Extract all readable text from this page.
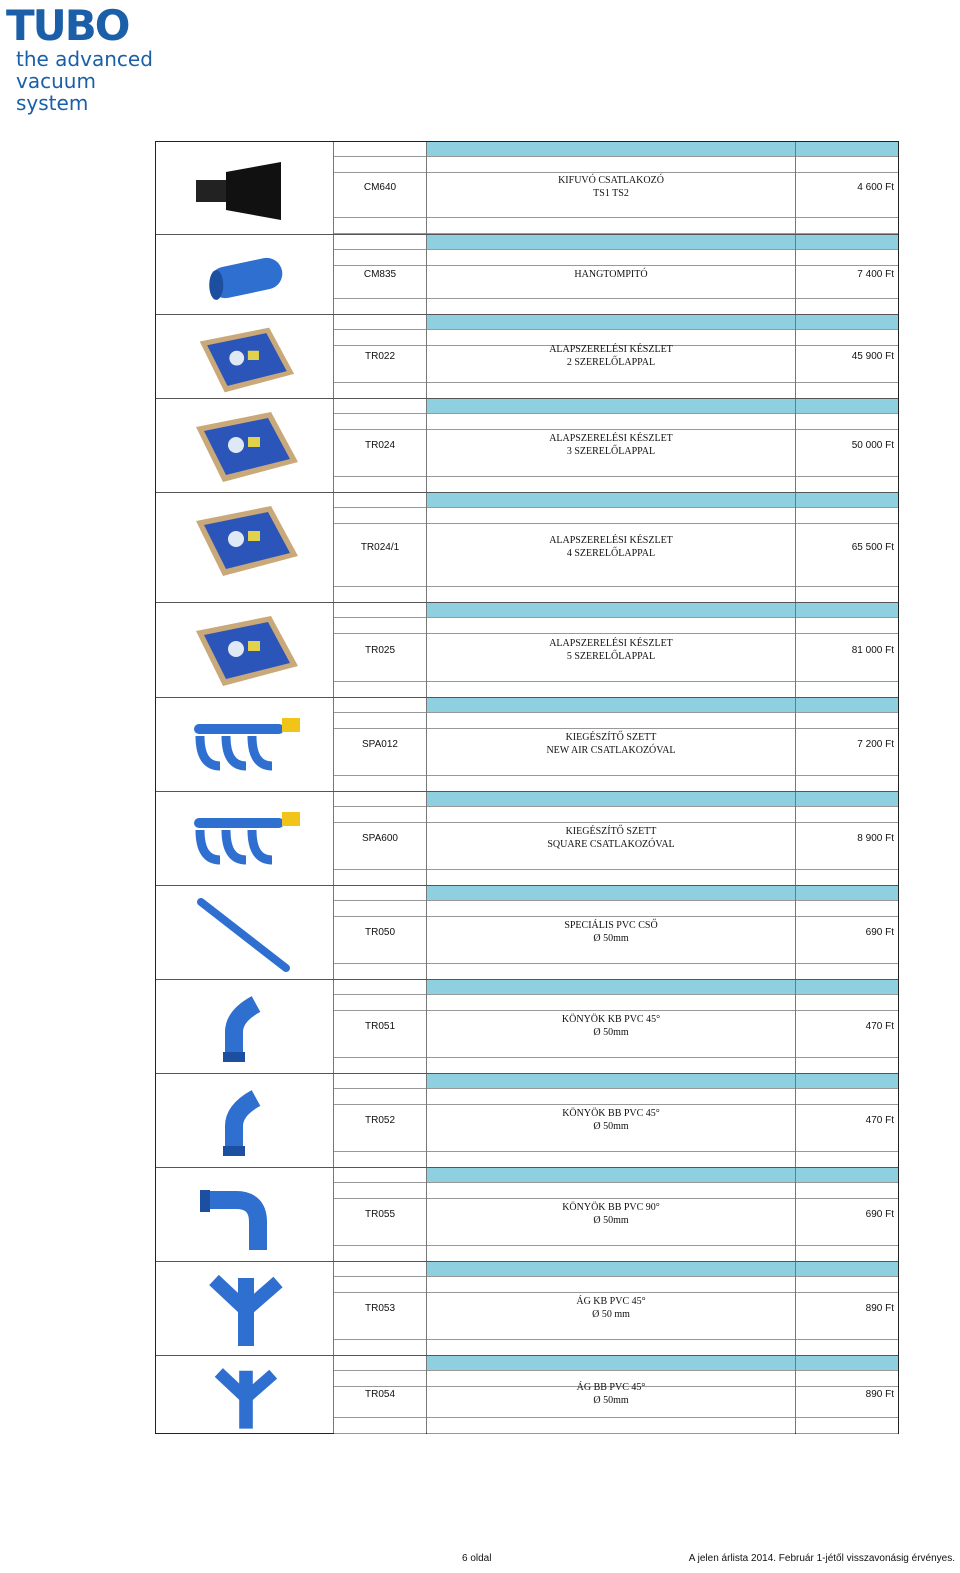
TUBO
the advanced
vacuum system
CM640
KIFUVÓ CSATLAKOZÓ
TS1 TS2
4 600 Ft
CM835	HANGTOMPITÓ	7 400 Ft
TR022
ALAPSZERELÉSI KÉSZLET
2 SZERELŐLAPPAL
45 900 Ft
TR024
ALAPSZERELÉSI KÉSZLET
3 SZERELŐLAPPAL
50 000 Ft
TR024/1
ALAPSZERELÉSI KÉSZLET
4 SZERELŐLAPPAL
65 500 Ft
TR025
ALAPSZERELÉSI KÉSZLET
5 SZERELŐLAPPAL
81 000 Ft
SPA012
KIEGÉSZÍTŐ SZETT
NEW AIR CSATLAKOZÓVAL
7 200 Ft
SPA600
KIEGÉSZÍTŐ SZETT
SQUARE CSATLAKOZÓVAL
8 900 Ft
TR050
SPECIÁLIS PVC CSŐ
Ø 50mm
690 Ft
TR051
KÖNYÖK KB PVC 45°
Ø 50mm
470 Ft
TR052
KÖNYÖK BB PVC 45°
Ø 50mm
470 Ft
TR055
KÖNYÖK BB PVC 90°
Ø 50mm
690 Ft
TR053
ÁG KB PVC 45°
Ø 50 mm
890 Ft
TR054
ÁG BB PVC 45°
Ø 50mm
890 Ft
6 oldal	A jelen árlista 2014. Február 1-jétől visszavonásig érvényes.
